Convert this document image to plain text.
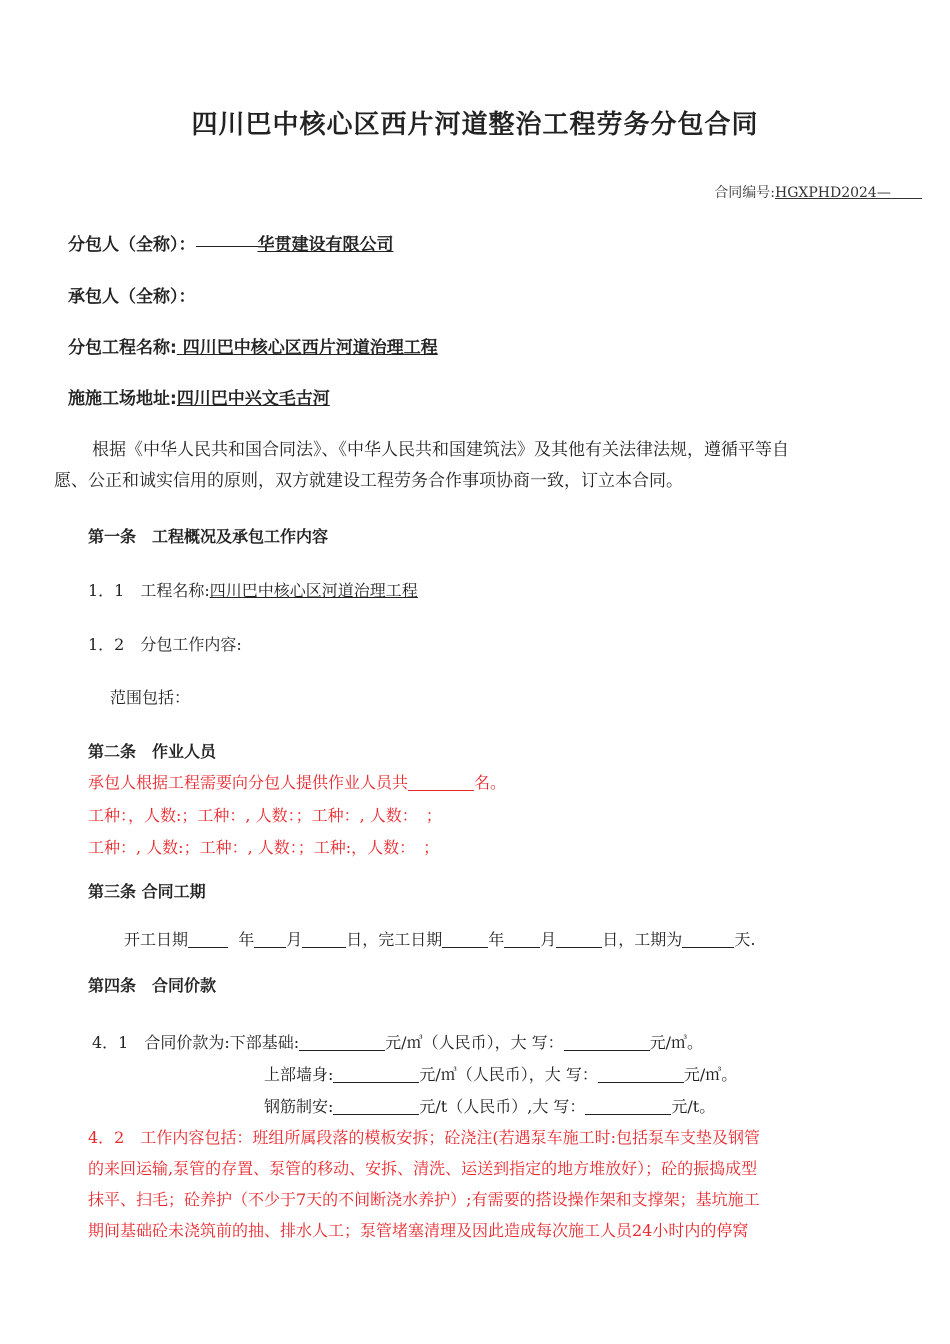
四川巴中核心区西片河道整治工程劳务分包合同
合同编号:HGXPHD2024—
分包人（全称）：	华贯建设有限公司
承包人（全称）：
分包工程名称: 四川巴中核心区西片河道治理工程
施施工场地址:四川巴中兴文毛古河
根据《中华人民共和国合同法》、《中华人民共和国建筑法》及其他有关法律法规，遵循平等自
愿、公正和诚实信用的原则，双方就建设工程劳务合作事项协商一致，订立本合同。
第一条　工程概况及承包工作内容
1．1　工程名称:四川巴中核心区河道治理工程
1．2　分包工作内容:
范围包括：
第二条　作业人员
承包人根据工程需要向分包人提供作业人员共	名。
工种：，人数:；工种：, 人数：；工种：, 人数：　；
工种：, 人数:；工种：, 人数：；工种:，人数：　；
第三条 合同工期
开工日期	年 月	日，完工日期	年 月	日，工期为	天.
第四条　合同价款
4．1　合同价款为:下部基础:	元/㎥（人民币），大 写：	元/㎥。
上部墙身:	元/㎥（人民币），大 写：	元/㎥。
钢筋制安:	元/t（人民币）,大 写：	元/t。
4．2　工作内容包括：班组所属段落的模板安拆；砼浇注(若遇泵车施工时:包括泵车支垫及钢管
的来回运输,泵管的存置、泵管的移动、安拆、清洗、运送到指定的地方堆放好）；砼的振捣成型
抹平、扫毛；砼养护（不少于7天的不间断浇水养护）;有需要的搭设操作架和支撑架；基坑施工
期间基础砼未浇筑前的抽、排水人工；泵管堵塞清理及因此造成每次施工人员24小时内的停窝
